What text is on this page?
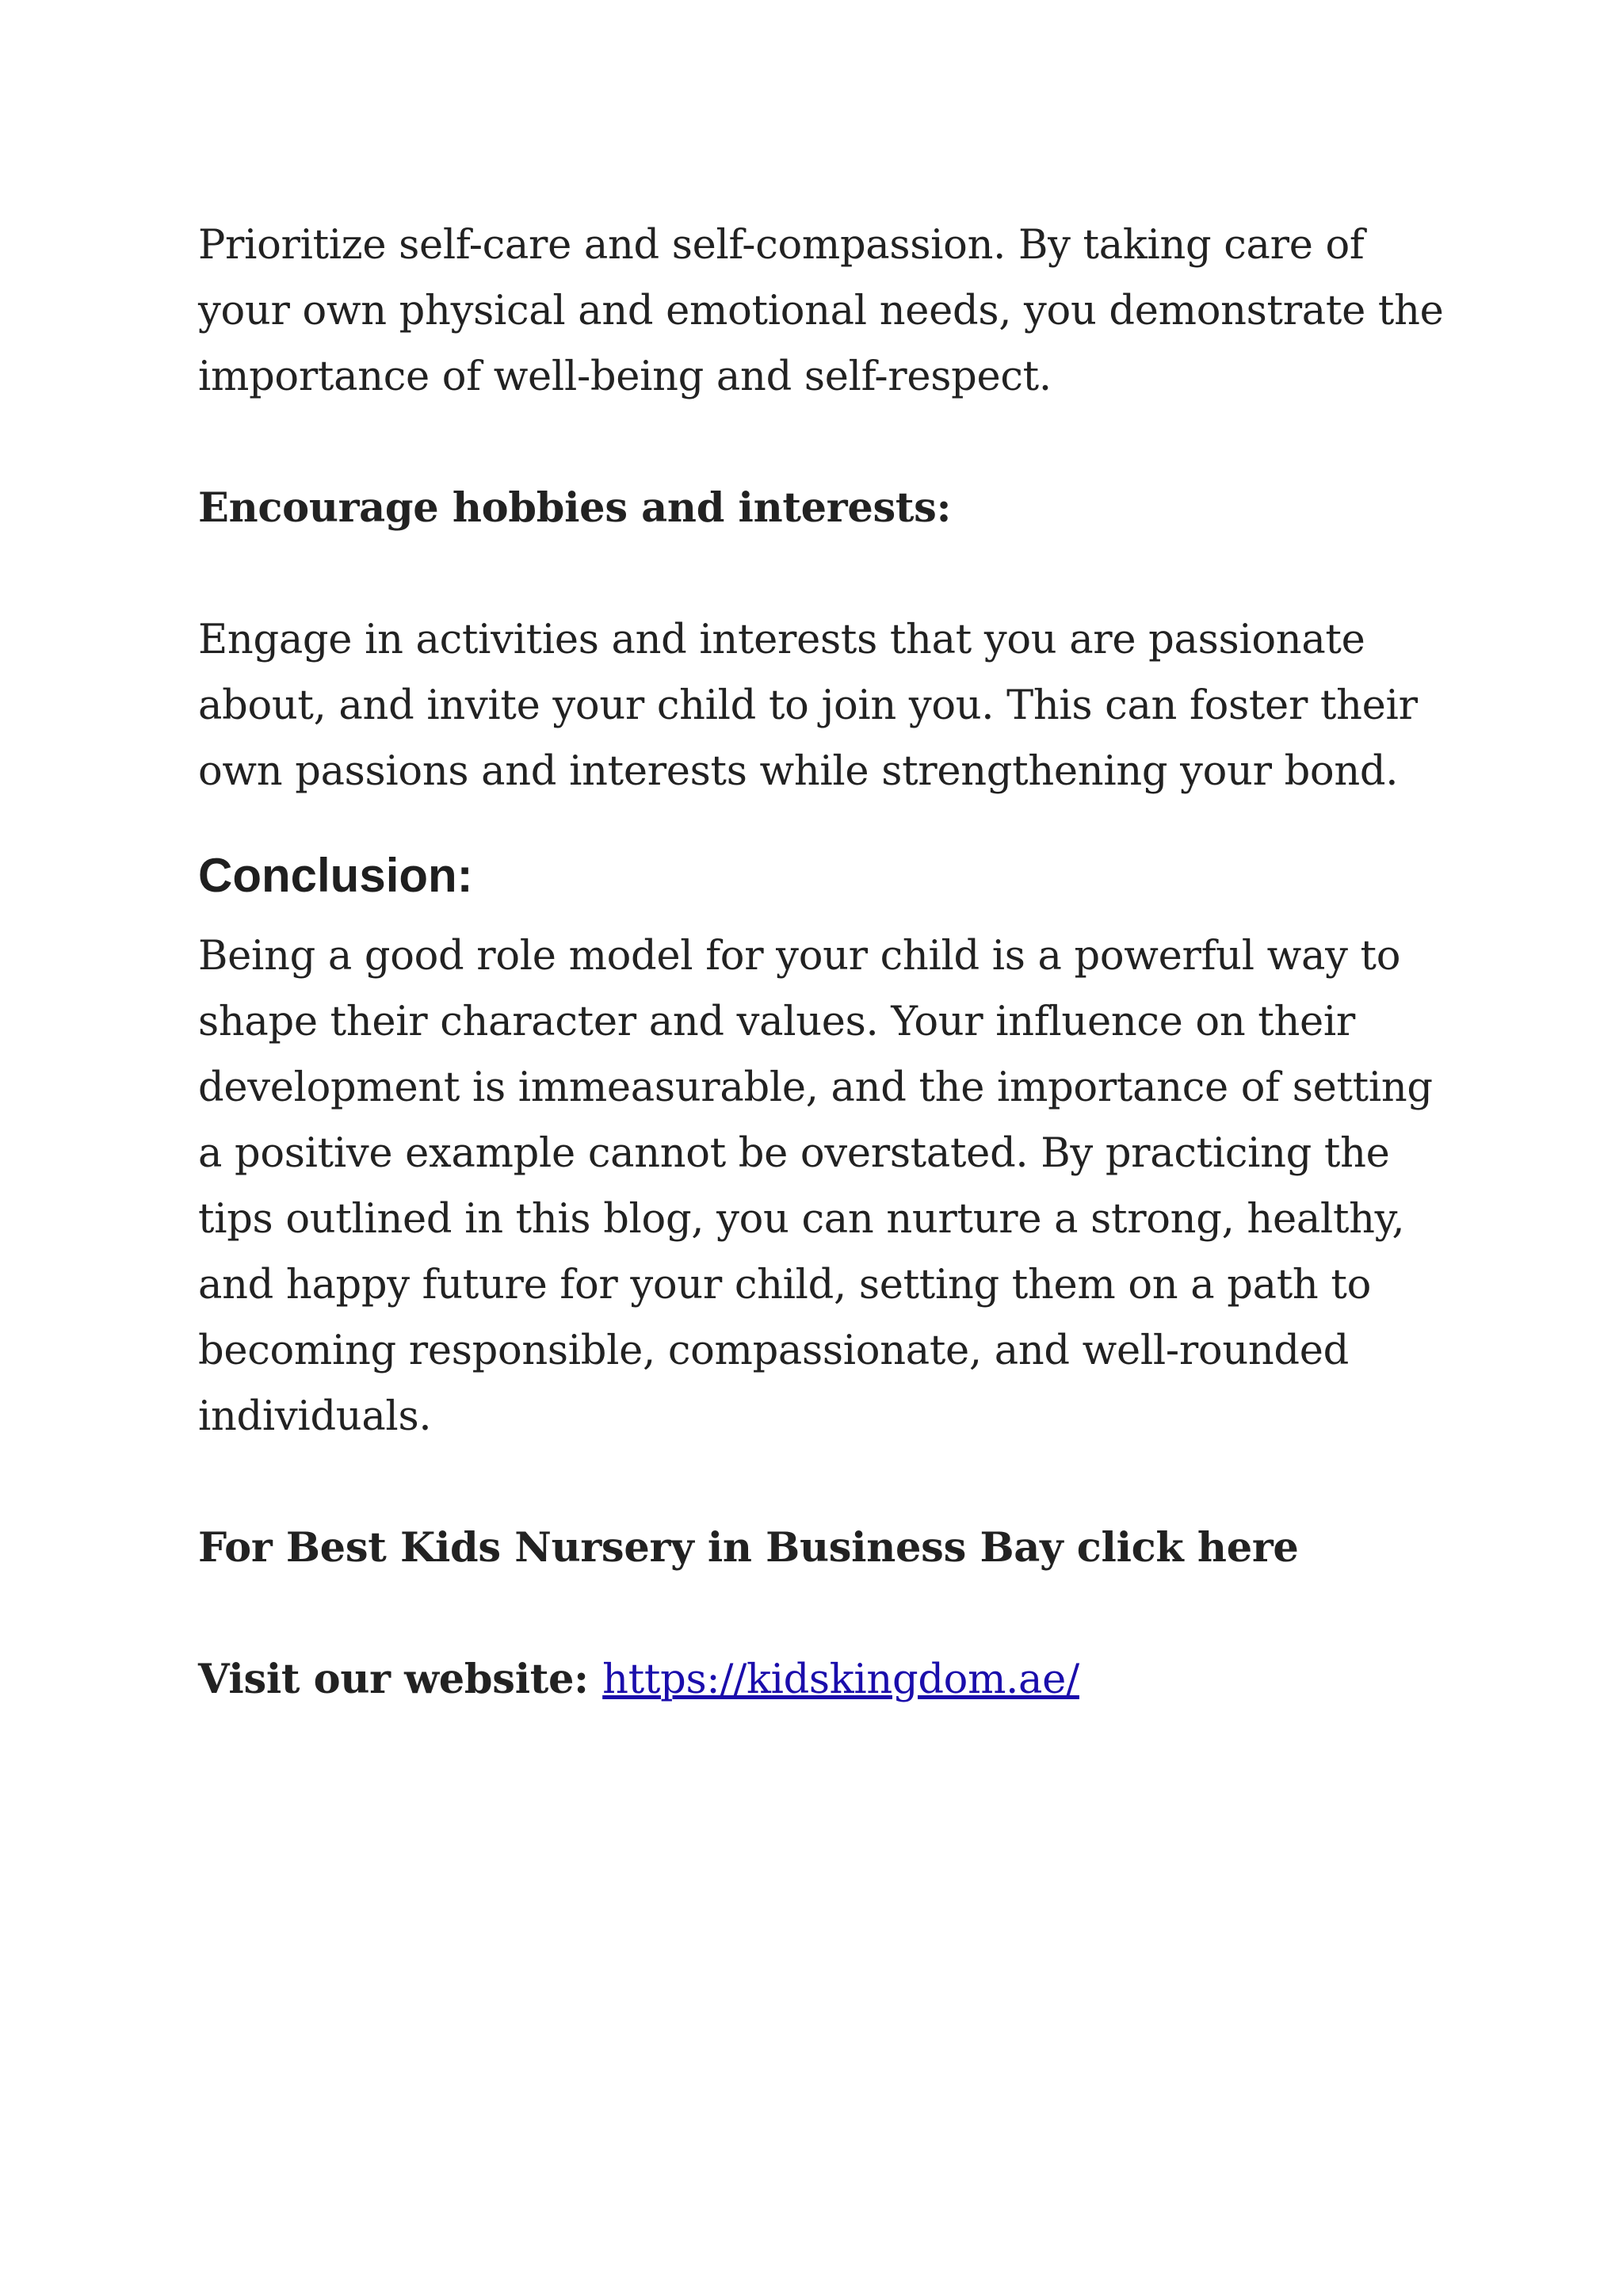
Prioritize self-care and self-compassion. By taking care of your own physical and emotional needs, you demonstrate the importance of well-being and self-respect.

Encourage hobbies and interests:

Engage in activities and interests that you are passionate about, and invite your child to join you. This can foster their own passions and interests while strengthening your bond.

Conclusion:

Being a good role model for your child is a powerful way to shape their character and values. Your influence on their development is immeasurable, and the importance of setting a positive example cannot be overstated. By practicing the tips outlined in this blog, you can nurture a strong, healthy, and happy future for your child, setting them on a path to becoming responsible, compassionate, and well-rounded individuals.

For Best Kids Nursery in Business Bay click here

Visit our website: https://kidskingdom.ae/
